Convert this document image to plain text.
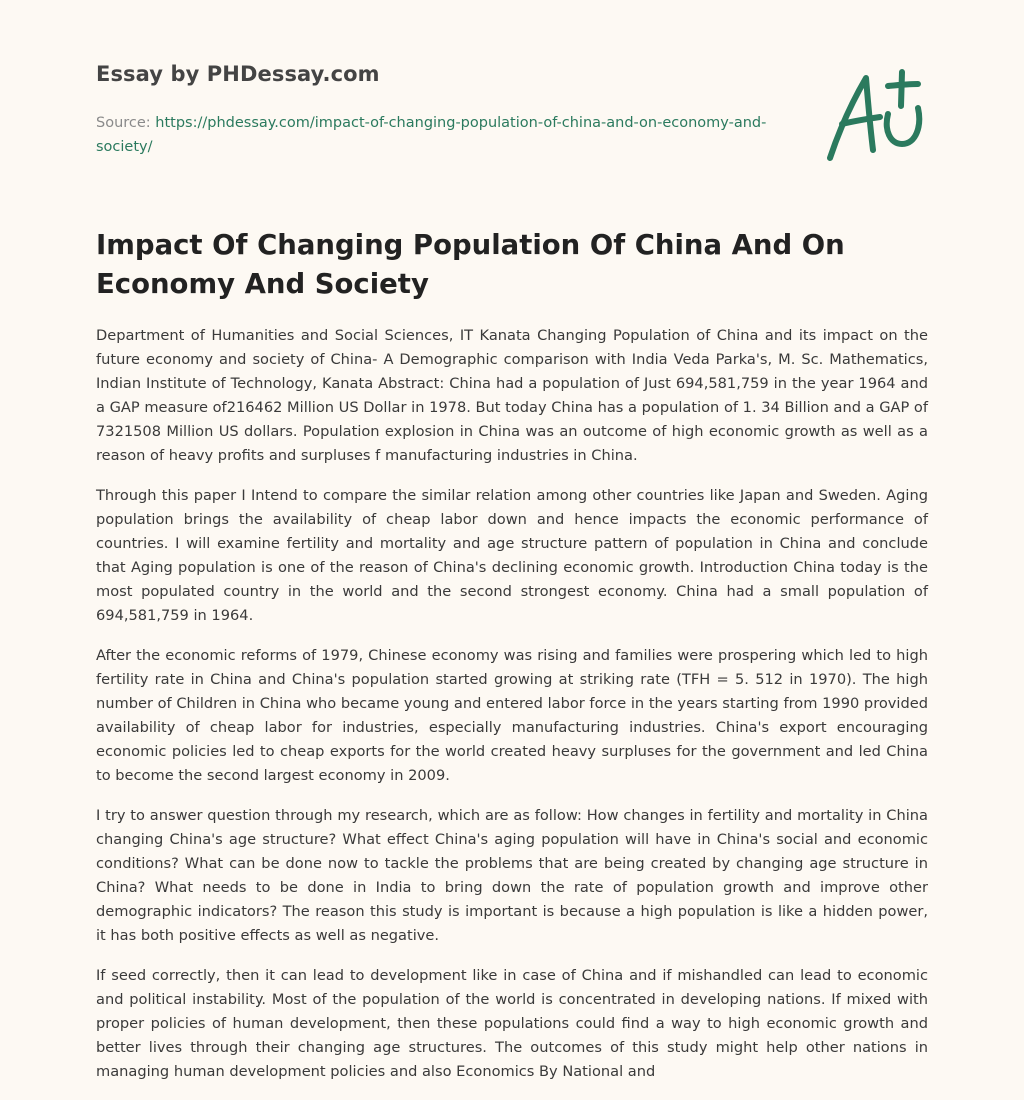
Essay by PHDessay.com
Source: https://phdessay.com/impact-of-changing-population-of-china-and-on-economy-and-society/
Impact Of Changing Population Of China And On Economy And Society

Department of Humanities and Social Sciences, IT Kanata Changing Population of China and its impact on the future economy and society of China- A Demographic comparison with India Veda Parka's, M. Sc. Mathematics, Indian Institute of Technology, Kanata Abstract: China had a population of Just 694,581,759 in the year 1964 and a GAP measure of216462 Million US Dollar in 1978. But today China has a population of 1. 34 Billion and a GAP of 7321508 Million US dollars. Population explosion in China was an outcome of high economic growth as well as a reason of heavy profits and surpluses f manufacturing industries in China.

Through this paper I Intend to compare the similar relation among other countries like Japan and Sweden. Aging population brings the availability of cheap labor down and hence impacts the economic performance of countries. I will examine fertility and mortality and age structure pattern of population in China and conclude that Aging population is one of the reason of China's declining economic growth. Introduction China today is the most populated country in the world and the second strongest economy. China had a small population of 694,581,759 in 1964.

After the economic reforms of 1979, Chinese economy was rising and families were prospering which led to high fertility rate in China and China's population started growing at striking rate (TFH = 5. 512 in 1970). The high number of Children in China who became young and entered labor force in the years starting from 1990 provided availability of cheap labor for industries, especially manufacturing industries. China's export encouraging economic policies led to cheap exports for the world created heavy surpluses for the government and led China to become the second largest economy in 2009.

I try to answer question through my research, which are as follow: How changes in fertility and mortality in China changing China's age structure? What effect China's aging population will have in China's social and economic conditions? What can be done now to tackle the problems that are being created by changing age structure in China? What needs to be done in India to bring down the rate of population growth and improve other demographic indicators? The reason this study is important is because a high population is like a hidden power, it has both positive effects as well as negative.

If seed correctly, then it can lead to development like in case of China and if mishandled can lead to economic and political instability. Most of the population of the world is concentrated in developing nations. If mixed with proper policies of human development, then these populations could find a way to high economic growth and better lives through their changing age structures. The outcomes of this study might help other nations in managing human development policies and also Economics By National and
